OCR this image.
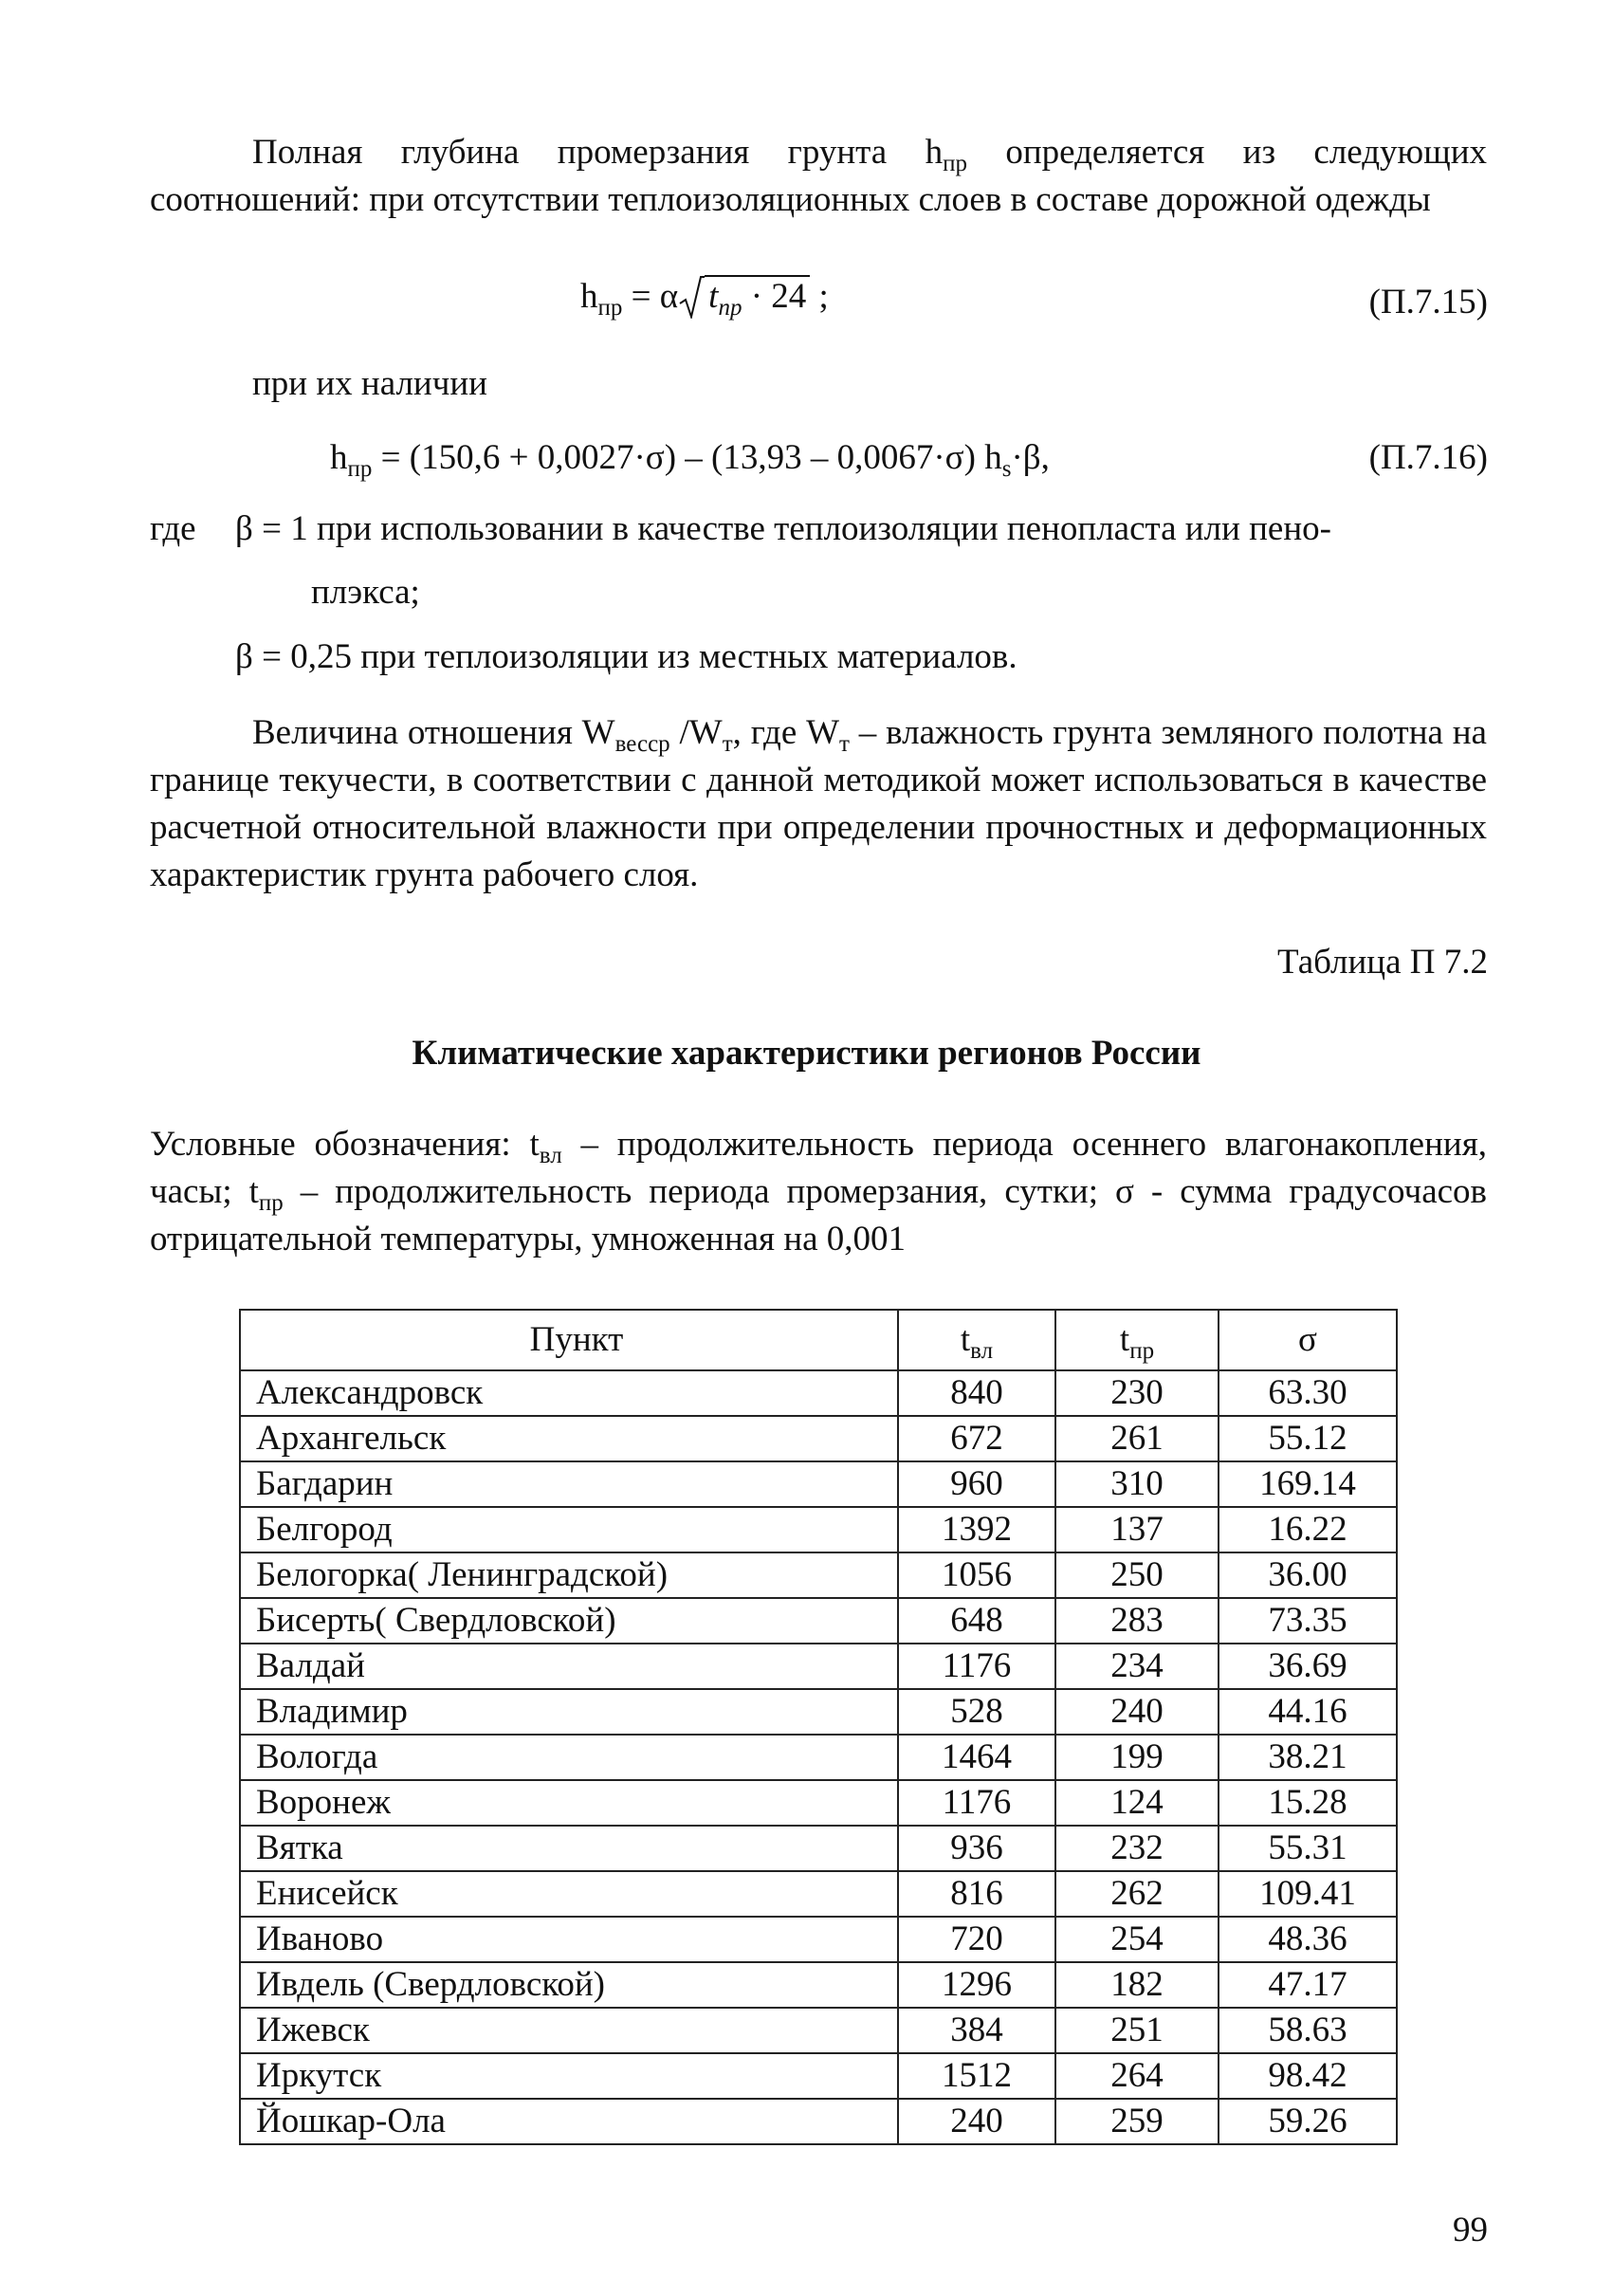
Полная глубина промерзания грунта $h_{пр}$ определяется из следующих соотношений: при отсутствии теплоизоляционных слоев в составе дорожной одежды
$h_{пр} = \alpha$ $t_{пр} \cdot 24$ ;	(П.7.15)
при их наличии
$h_{пр} = (150,6 + 0,0027\cdot\sigma) - (13,93 - 0,0067\cdot\sigma)$ $h_s\cdot\beta$,	(П.7.16)
где β = 1 при использовании в качестве теплоизоляции пенопласта или пено-
плэкса;
β = 0,25 при теплоизоляции из местных материалов.
Величина отношения $W_{вессp}$ $/W_т$, где $W_т$ – влажность грунта земляного полотна на границе текучести, в соответствии с данной методикой может использоваться в качестве расчетной относительной влажности при определении прочностных и деформационных характеристик грунта рабочего слоя.
Таблица П 7.2
Климатические характеристики регионов России
Условные обозначения: $t_{вл}$ – продолжительность периода осеннего влагонакопления, часы; $t_{пр}$ – продолжительность периода промерзания, сутки; σ - сумма градусочасов отрицательной температуры, умноженная на 0,001
Пункт	$t_{вл}$	$t_{пр}$	σ
Александровск	840	230	63.30
Архангельск	672	261	55.12
Багдарин	960	310	169.14
Белгород	1392	137	16.22
Белогорка( Ленинградской)	1056	250	36.00
Бисерть( Свердловской)	648	283	73.35
Валдай	1176	234	36.69
Владимир	528	240	44.16
Вологда	1464	199	38.21
Воронеж	1176	124	15.28
Вятка	936	232	55.31
Енисейск	816	262	109.41
Иваново	720	254	48.36
Ивдель (Свердловской)	1296	182	47.17
Ижевск	384	251	58.63
Иркутск	1512	264	98.42
Йошкар-Ола	240	259	59.26
99
